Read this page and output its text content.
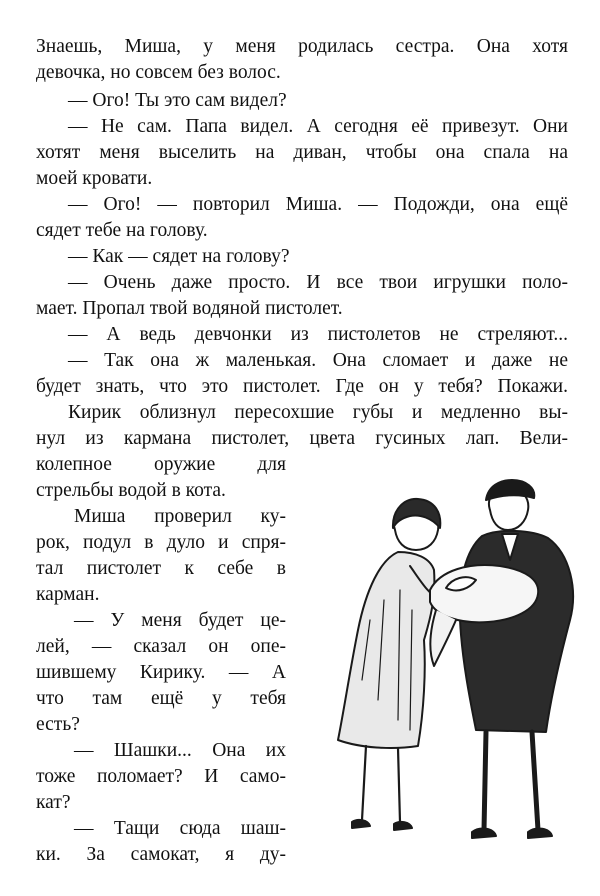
Знаешь, Миша, у меня родилась сестра. Она хотя

девочка, но совсем без волос.

— Ого! Ты это сам видел?

— Не сам. Папа видел. А сегодня её привезут. Они

хотят меня выселить на диван, чтобы она спала на

моей кровати.

— Ого! — повторил Миша. — Подожди, она ещё

сядет тебе на голову.

— Как — сядет на голову?

— Очень даже просто. И все твои игрушки поло-

мает. Пропал твой водяной пистолет.

— А ведь девчонки из пистолетов не стреляют...

— Так она ж маленькая. Она сломает и даже не

будет знать, что это пистолет. Где он у тебя? Покажи.

Кирик облизнул пересохшие губы и медленно вы-

нул из кармана пистолет, цвета гусиных лап. Вели-

колепное оружие для

стрельбы водой в кота.

Миша проверил ку-

рок, подул в дуло и спря-

тал пистолет к себе в

карман.

— У меня будет це-

лей, — сказал он опе-

шившему Кирику. — А

что там ещё у тебя

есть?

— Шашки... Она их

тоже поломает? И само-

кат?

— Тащи сюда шаш-

ки. За самокат, я ду-
